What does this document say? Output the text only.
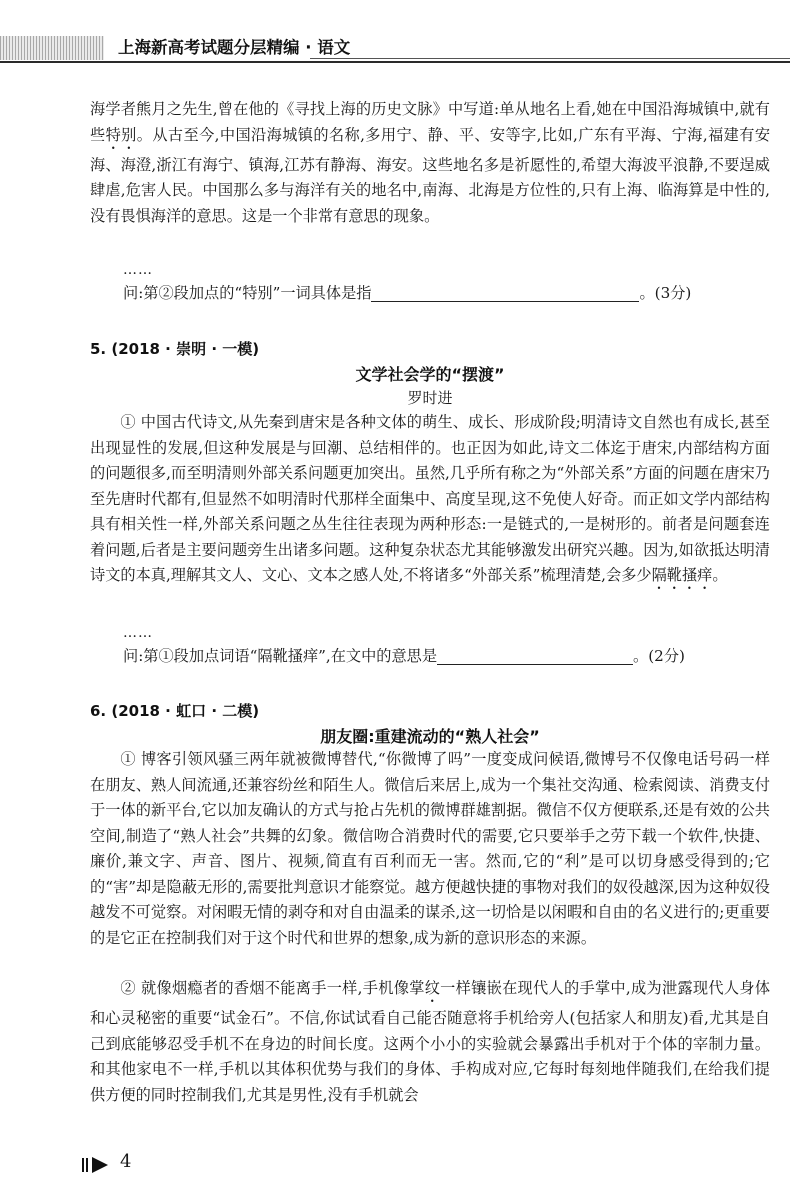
上海新高考试题分层精编 · 语文

海学者熊月之先生,曾在他的《寻找上海的历史文脉》中写道:单从地名上看,她在中国沿海城镇中,就有些特别。从古至今,中国沿海城镇的名称,多用宁、静、平、安等字,比如,广东有平海、宁海,福建有安海、海澄,浙江有海宁、镇海,江苏有静海、海安。这些地名多是祈愿性的,希望大海波平浪静,不要逞威肆虐,危害人民。中国那么多与海洋有关的地名中,南海、北海是方位性的,只有上海、临海算是中性的,没有畏惧海洋的意思。这是一个非常有意思的现象。

……
问:第②段加点的“特别”一词具体是指	。(3分)
5. (2018 · 崇明 · 一模)
文学社会学的“摆渡”
罗时进

① 中国古代诗文,从先秦到唐宋是各种文体的萌生、成长、形成阶段;明清诗文自然也有成长,甚至出现显性的发展,但这种发展是与回潮、总结相伴的。也正因为如此,诗文二体迄于唐宋,内部结构方面的问题很多,而至明清则外部关系问题更加突出。虽然,几乎所有称之为“外部关系”方面的问题在唐宋乃至先唐时代都有,但显然不如明清时代那样全面集中、高度呈现,这不免使人好奇。而正如文学内部结构具有相关性一样,外部关系问题之丛生往往表现为两种形态:一是链式的,一是树形的。前者是问题套连着问题,后者是主要问题旁生出诸多问题。这种复杂状态尤其能够激发出研究兴趣。因为,如欲抵达明清诗文的本真,理解其文人、文心、文本之感人处,不将诸多“外部关系”梳理清楚,会多少隔靴搔痒。

……
问:第①段加点词语“隔靴搔痒”,在文中的意思是	。(2分)
6. (2018 · 虹口 · 二模)
朋友圈:重建流动的“熟人社会”

① 博客引领风骚三两年就被微博替代,“你微博了吗”一度变成问候语,微博号不仅像电话号码一样在朋友、熟人间流通,还兼容纷丝和陌生人。微信后来居上,成为一个集社交沟通、检索阅读、消费支付于一体的新平台,它以加友确认的方式与抢占先机的微博群雄割据。微信不仅方便联系,还是有效的公共空间,制造了“熟人社会”共舞的幻象。微信吻合消费时代的需要,它只要举手之劳下载一个软件,快捷、廉价,兼文字、声音、图片、视频,简直有百利而无一害。然而,它的“利”是可以切身感受得到的;它的“害”却是隐蔽无形的,需要批判意识才能察觉。越方便越快捷的事物对我们的奴役越深,因为这种奴役越发不可觉察。对闲暇无情的剥夺和对自由温柔的谋杀,这一切恰是以闲暇和自由的名义进行的;更重要的是它正在控制我们对于这个时代和世界的想象,成为新的意识形态的来源。

② 就像烟瘾者的香烟不能离手一样,手机像掌纹一样镶嵌在现代人的手掌中,成为泄露现代人身体和心灵秘密的重要“试金石”。不信,你试试看自己能否随意将手机给旁人(包括家人和朋友)看,尤其是自己到底能够忍受手机不在身边的时间长度。这两个小小的实验就会暴露出手机对于个体的宰制力量。和其他家电不一样,手机以其体积优势与我们的身体、手构成对应,它每时每刻地伴随我们,在给我们提供方便的同时控制我们,尤其是男性,没有手机就会

4
